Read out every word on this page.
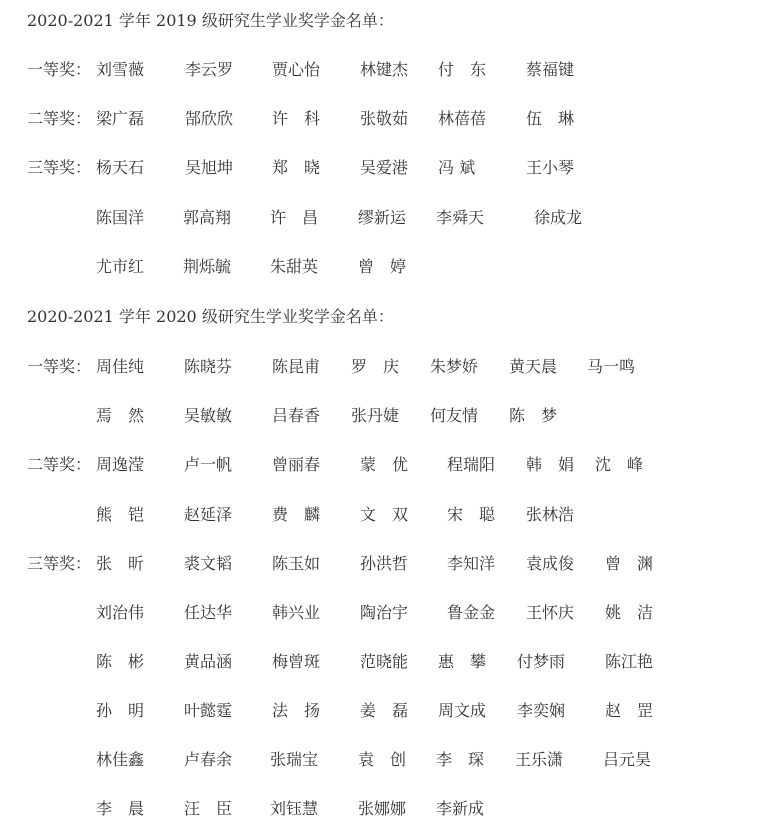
2020-2021 学年 2019 级研究生学业奖学金名单：
一等奖： 刘雪薇	李云罗 贾心怡 林键杰 付　东 蔡福键
二等奖： 梁广磊	郜欣欣 许　科 张敬茹 林蓓蓓 伍　琳
三等奖： 杨天石	吴旭坤 郑　晓 吴爱港 冯 斌	王小琴
陈国洋 郭高翔 许　昌 缪新运 李舜天	徐成龙
尤市红 荆烁毓 朱甜英 曾　婷
2020-2021 学年 2020 级研究生学业奖学金名单：
一等奖： 周佳纯 陈晓芬 陈昆甫 罗　庆 朱梦娇 黄天晨 马一鸣
焉　然 吴敏敏 吕春香 张丹婕 何友情 陈　梦
二等奖： 周逸滢 卢一帆 曾丽春 蒙　优 程瑞阳 韩　娟 沈　峰
熊　铠 赵延泽 费　麟 文　双 宋　聪 张林浩
三等奖： 张　昕 裘文韬 陈玉如 孙洪哲 李知洋 袁成俊 曾　渊
刘治伟 任达华 韩兴业 陶治宇 鲁金金 王怀庆 姚　洁
陈　彬 黄品涵 梅曾斑 范晓能 惠　攀 付梦雨 陈江艳
孙　明 叶懿霆 法　扬 姜　磊 周文成 李奕娴 赵　罡
林佳鑫 卢春余 张瑞宝 袁　创 李　琛 王乐潇 吕元昊
李　晨 汪　臣 刘钰慧 张娜娜 李新成
